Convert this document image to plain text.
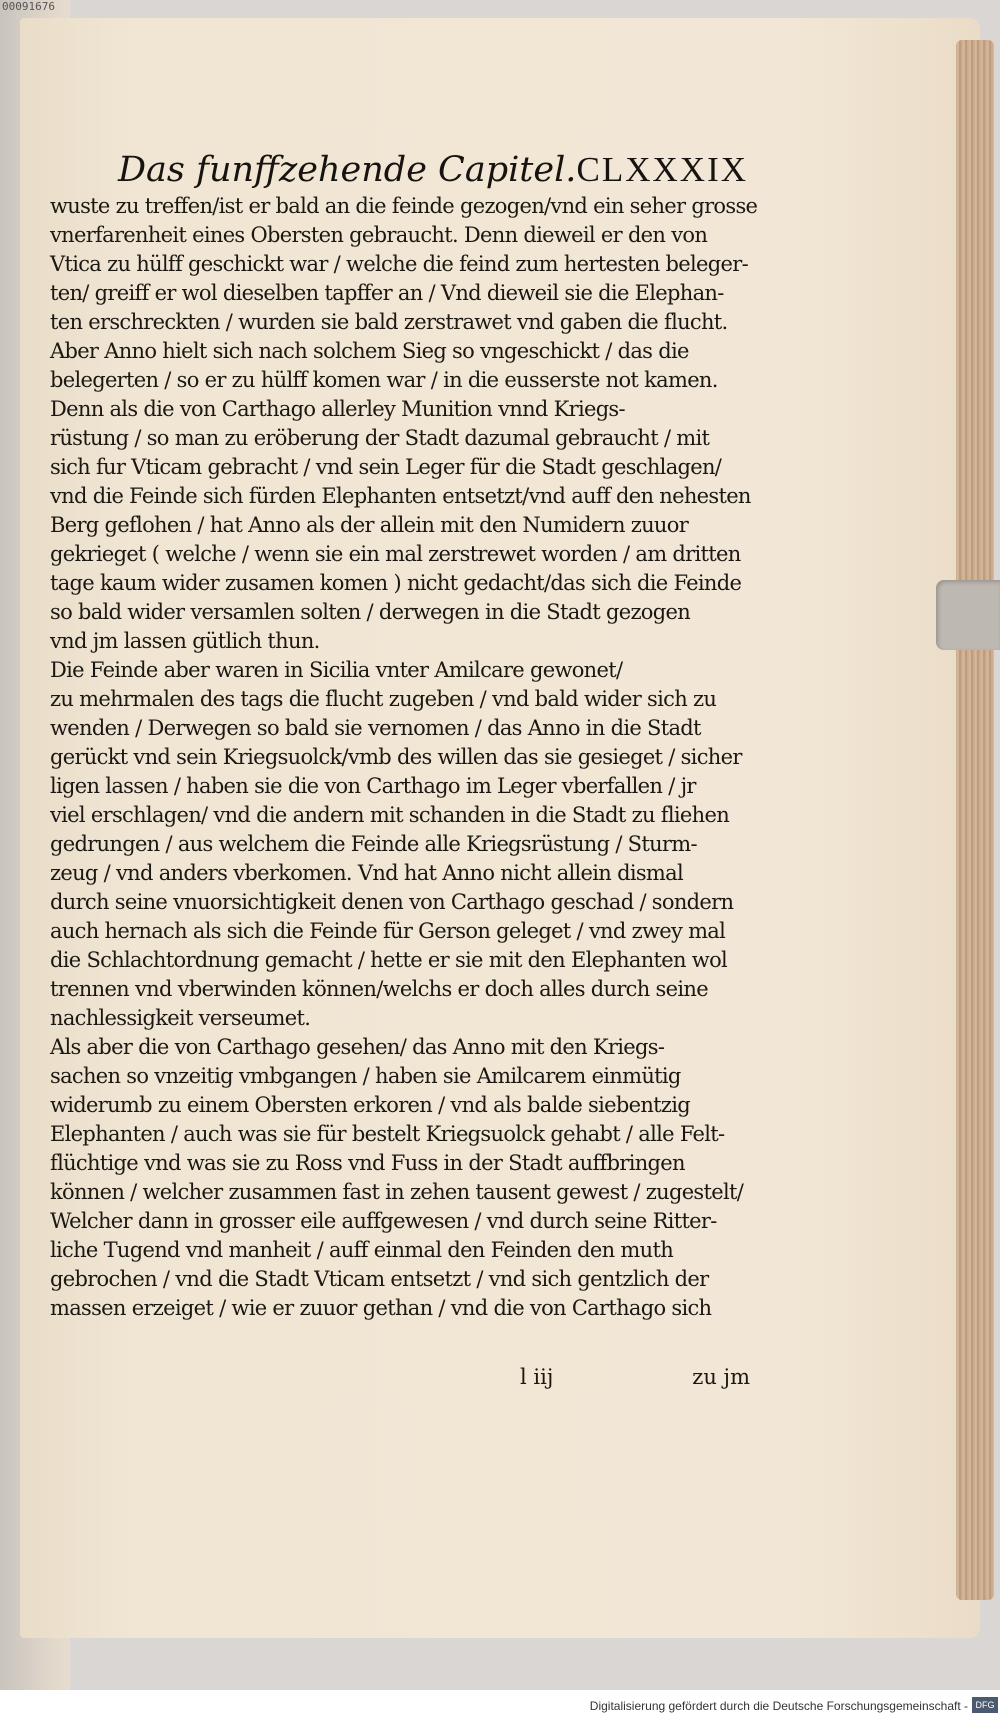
00091676
Das funffzehende Capitel. CLXXXIX
wuste zu treffen/ist er bald an die feinde gezogen/vnd ein seher grosse
vnerfarenheit eines Obersten gebraucht. Denn dieweil er den von
Vtica zu hülff geschickt war / welche die feind zum hertesten beleger-
ten/ greiff er wol dieselben tapffer an / Vnd dieweil sie die Elephan-
ten erschreckten / wurden sie bald zerstrawet vnd gaben die flucht.
Aber Anno hielt sich nach solchem Sieg so vngeschickt / das die
belegerten / so er zu hülff komen war / in die eusserste not kamen.
Denn als die von Carthago allerley Munition vnnd Kriegs-
rüstung / so man zu eröberung der Stadt dazumal gebraucht / mit
sich fur Vticam gebracht / vnd sein Leger für die Stadt geschlagen/
vnd die Feinde sich fürden Elephanten entsetzt/vnd auff den nehesten
Berg geflohen / hat Anno als der allein mit den Numidern zuuor
gekrieget ( welche / wenn sie ein mal zerstrewet worden / am dritten
tage kaum wider zusamen komen ) nicht gedacht/das sich die Feinde
so bald wider versamlen solten / derwegen in die Stadt gezogen
vnd jm lassen gütlich thun.
Die Feinde aber waren in Sicilia vnter Amilcare gewonet/
zu mehrmalen des tags die flucht zugeben / vnd bald wider sich zu
wenden / Derwegen so bald sie vernomen / das Anno in die Stadt
gerückt vnd sein Kriegsuolck/vmb des willen das sie gesieget / sicher
ligen lassen / haben sie die von Carthago im Leger vberfallen / jr
viel erschlagen/ vnd die andern mit schanden in die Stadt zu fliehen
gedrungen / aus welchem die Feinde alle Kriegsrüstung / Sturm-
zeug / vnd anders vberkomen. Vnd hat Anno nicht allein dismal
durch seine vnuorsichtigkeit denen von Carthago geschad / sondern
auch hernach als sich die Feinde für Gerson geleget / vnd zwey mal
die Schlachtordnung gemacht / hette er sie mit den Elephanten wol
trennen vnd vberwinden können/welchs er doch alles durch seine
nachlessigkeit verseumet.
Als aber die von Carthago gesehen/ das Anno mit den Kriegs-
sachen so vnzeitig vmbgangen / haben sie Amilcarem einmütig
widerumb zu einem Obersten erkoren / vnd als balde siebentzig
Elephanten / auch was sie für bestelt Kriegsuolck gehabt / alle Felt-
flüchtige vnd was sie zu Ross vnd Fuss in der Stadt auffbringen
können / welcher zusammen fast in zehen tausent gewest / zugestelt/
Welcher dann in grosser eile auffgewesen / vnd durch seine Ritter-
liche Tugend vnd manheit / auff einmal den Feinden den muth
gebrochen / vnd die Stadt Vticam entsetzt / vnd sich gentzlich der
massen erzeiget / wie er zuuor gethan / vnd die von Carthago sich
l iij	zu jm
Digitalisierung gefördert durch die Deutsche Forschungsgemeinschaft - DFG
